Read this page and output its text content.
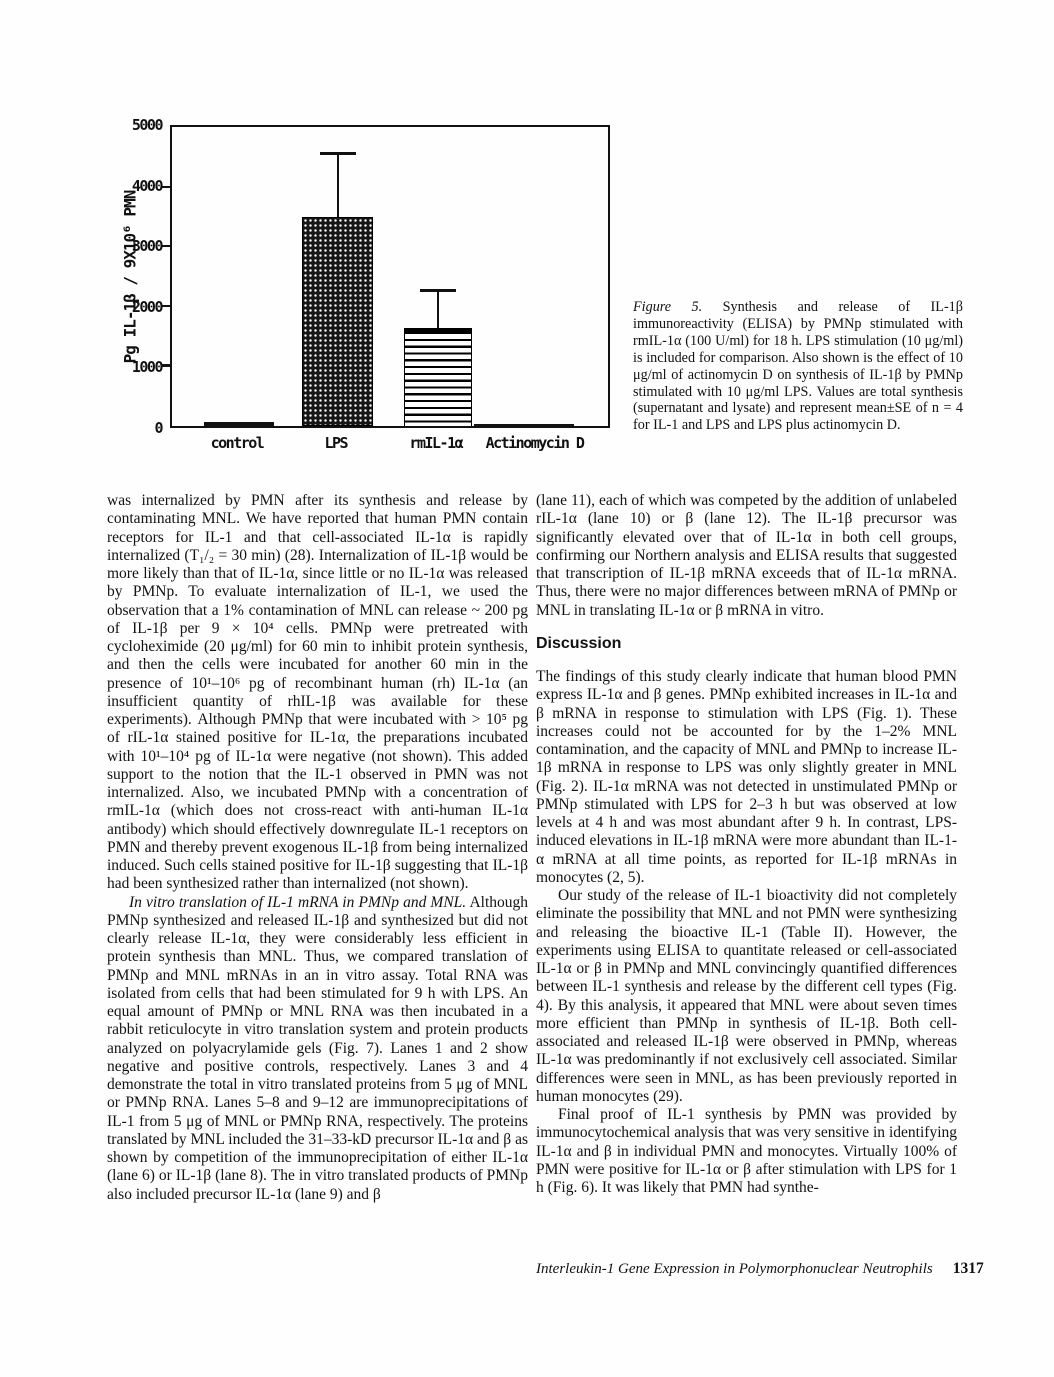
Pg IL-1β / 9X10⁶ PMN
0
1000
2000
3000
4000
5000
control	LPS	rmIL-1α Actinomycin D
Figure 5. Synthesis and release of IL-1β immunoreactivity (ELISA) by PMNp stimulated with rmIL-1α (100 U/ml) for 18 h. LPS stimulation (10 μg/ml) is included for comparison. Also shown is the effect of 10 μg/ml of actinomycin D on synthesis of IL-1β by PMNp stimulated with 10 μg/ml LPS. Values are total synthesis (supernatant and lysate) and represent mean±SE of n = 4 for IL-1 and LPS and LPS plus actinomycin D.

was internalized by PMN after its synthesis and release by contaminating MNL. We have reported that human PMN contain receptors for IL-1 and that cell-associated IL-1α is rapidly internalized (T₁/₂ = 30 min) (28). Internalization of IL-1β would be more likely than that of IL-1α, since little or no IL-1α was released by PMNp. To evaluate internalization of IL-1, we used the observation that a 1% contamination of MNL can release ~ 200 pg of IL-1β per 9 × 10⁴ cells. PMNp were pretreated with cycloheximide (20 μg/ml) for 60 min to inhibit protein synthesis, and then the cells were incubated for another 60 min in the presence of 10¹–10⁶ pg of recombinant human (rh) IL-1α (an insufficient quantity of rhIL-1β was available for these experiments). Although PMNp that were incubated with > 10⁵ pg of rIL-1α stained positive for IL-1α, the preparations incubated with 10¹–10⁴ pg of IL-1α were negative (not shown). This added support to the notion that the IL-1 observed in PMN was not internalized. Also, we incubated PMNp with a concentration of rmIL-1α (which does not cross-react with anti-human IL-1α antibody) which should effectively downregulate IL-1 receptors on PMN and thereby prevent exogenous IL-1β from being internalized induced. Such cells stained positive for IL-1β suggesting that IL-1β had been synthesized rather than internalized (not shown).

In vitro translation of IL-1 mRNA in PMNp and MNL. Although PMNp synthesized and released IL-1β and synthesized but did not clearly release IL-1α, they were considerably less efficient in protein synthesis than MNL. Thus, we compared translation of PMNp and MNL mRNAs in an in vitro assay. Total RNA was isolated from cells that had been stimulated for 9 h with LPS. An equal amount of PMNp or MNL RNA was then incubated in a rabbit reticulocyte in vitro translation system and protein products analyzed on polyacrylamide gels (Fig. 7). Lanes 1 and 2 show negative and positive controls, respectively. Lanes 3 and 4 demonstrate the total in vitro translated proteins from 5 μg of MNL or PMNp RNA. Lanes 5–8 and 9–12 are immunoprecipitations of IL-1 from 5 μg of MNL or PMNp RNA, respectively. The proteins translated by MNL included the 31–33-kD precursor IL-1α and β as shown by competition of the immunoprecipitation of either IL-1α (lane 6) or IL-1β (lane 8). The in vitro translated products of PMNp also included precursor IL-1α (lane 9) and β

(lane 11), each of which was competed by the addition of unlabeled rIL-1α (lane 10) or β (lane 12). The IL-1β precursor was significantly elevated over that of IL-1α in both cell groups, confirming our Northern analysis and ELISA results that suggested that transcription of IL-1β mRNA exceeds that of IL-1α mRNA. Thus, there were no major differences between mRNA of PMNp or MNL in translating IL-1α or β mRNA in vitro.

Discussion

The findings of this study clearly indicate that human blood PMN express IL-1α and β genes. PMNp exhibited increases in IL-1α and β mRNA in response to stimulation with LPS (Fig. 1). These increases could not be accounted for by the 1–2% MNL contamination, and the capacity of MNL and PMNp to increase IL-1β mRNA in response to LPS was only slightly greater in MNL (Fig. 2). IL-1α mRNA was not detected in unstimulated PMNp or PMNp stimulated with LPS for 2–3 h but was observed at low levels at 4 h and was most abundant after 9 h. In contrast, LPS-induced elevations in IL-1β mRNA were more abundant than IL-1-α mRNA at all time points, as reported for IL-1β mRNAs in monocytes (2, 5).

Our study of the release of IL-1 bioactivity did not completely eliminate the possibility that MNL and not PMN were synthesizing and releasing the bioactive IL-1 (Table II). However, the experiments using ELISA to quantitate released or cell-associated IL-1α or β in PMNp and MNL convincingly quantified differences between IL-1 synthesis and release by the different cell types (Fig. 4). By this analysis, it appeared that MNL were about seven times more efficient than PMNp in synthesis of IL-1β. Both cell-associated and released IL-1β were observed in PMNp, whereas IL-1α was predominantly if not exclusively cell associated. Similar differences were seen in MNL, as has been previously reported in human monocytes (29).

Final proof of IL-1 synthesis by PMN was provided by immunocytochemical analysis that was very sensitive in identifying IL-1α and β in individual PMN and monocytes. Virtually 100% of PMN were positive for IL-1α or β after stimulation with LPS for 1 h (Fig. 6). It was likely that PMN had synthe-

Interleukin-1 Gene Expression in Polymorphonuclear Neutrophils 1317
